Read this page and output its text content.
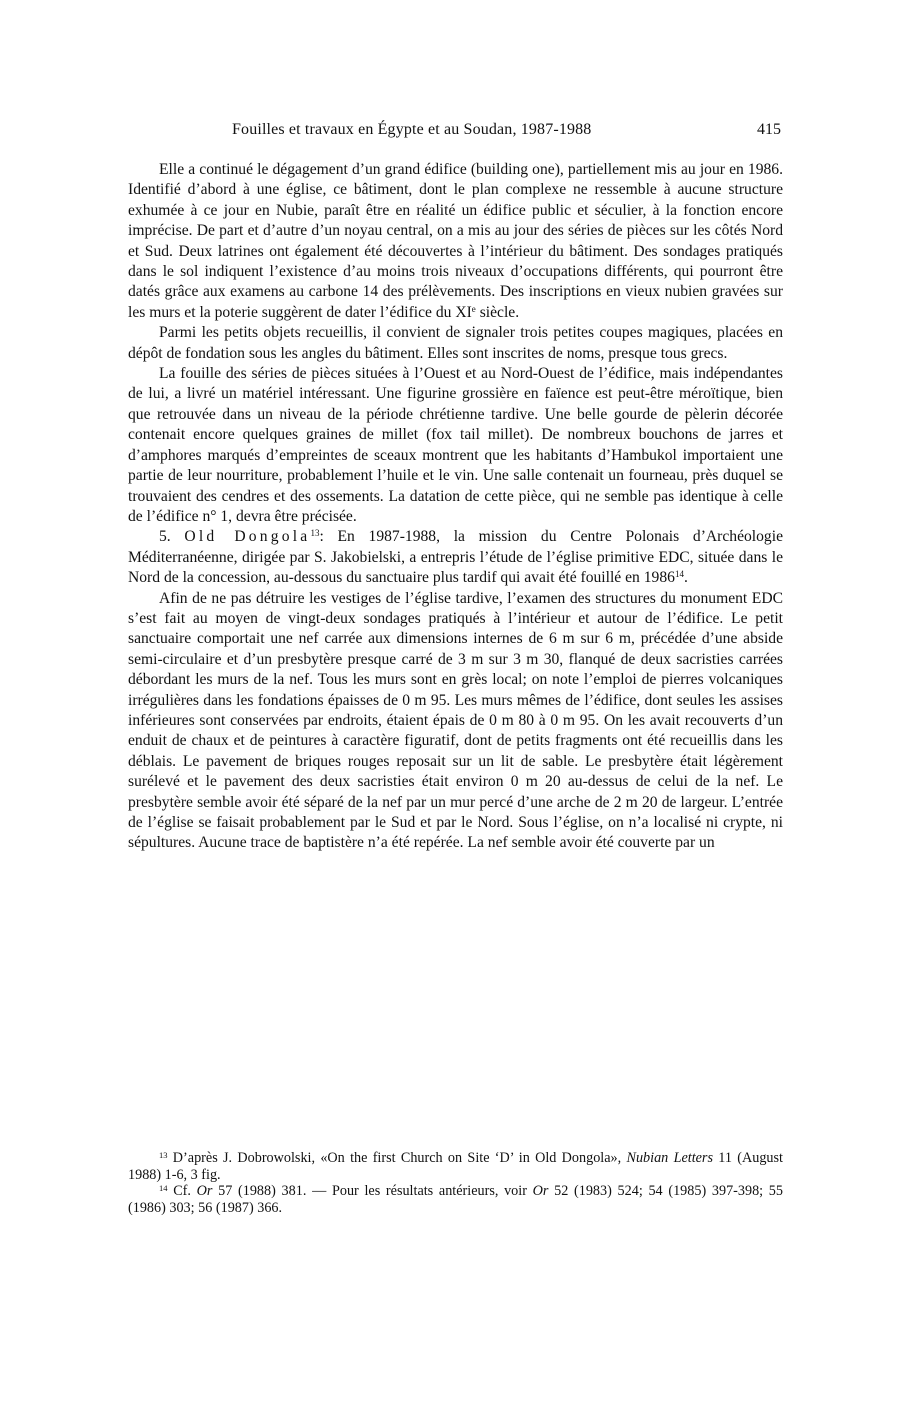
Fouilles et travaux en Égypte et au Soudan, 1987-1988	415

Elle a continué le dégagement d’un grand édifice (building one), partiellement mis au jour en 1986. Identifié d’abord à une église, ce bâtiment, dont le plan complexe ne ressemble à aucune structure exhumée à ce jour en Nubie, paraît être en réalité un édifice public et séculier, à la fonction encore imprécise. De part et d’autre d’un noyau central, on a mis au jour des séries de pièces sur les côtés Nord et Sud. Deux latrines ont également été découvertes à l’intérieur du bâtiment. Des sondages pratiqués dans le sol indiquent l’existence d’au moins trois niveaux d’occupations différents, qui pourront être datés grâce aux examens au carbone 14 des prélèvements. Des inscriptions en vieux nubien gravées sur les murs et la poterie suggèrent de dater l’édifice du XIe siècle.

Parmi les petits objets recueillis, il convient de signaler trois petites coupes magiques, placées en dépôt de fondation sous les angles du bâtiment. Elles sont inscrites de noms, presque tous grecs.

La fouille des séries de pièces situées à l’Ouest et au Nord-Ouest de l’édifice, mais indépendantes de lui, a livré un matériel intéressant. Une figurine grossière en faïence est peut-être méroïtique, bien que retrouvée dans un niveau de la période chrétienne tardive. Une belle gourde de pèlerin décorée contenait encore quelques graines de millet (fox tail millet). De nombreux bouchons de jarres et d’amphores marqués d’empreintes de sceaux montrent que les habitants d’Hambukol importaient une partie de leur nourriture, probablement l’huile et le vin. Une salle contenait un fourneau, près duquel se trouvaient des cendres et des ossements. La datation de cette pièce, qui ne semble pas identique à celle de l’édifice n° 1, devra être précisée.

5. Old Dongola$^{13}$: En 1987-1988, la mission du Centre Polonais d’Archéologie Méditerranéenne, dirigée par S. Jakobielski, a entrepris l’étude de l’église primitive EDC, située dans le Nord de la concession, au-dessous du sanctuaire plus tardif qui avait été fouillé en 1986$^{14}$.

Afin de ne pas détruire les vestiges de l’église tardive, l’examen des structures du monument EDC s’est fait au moyen de vingt-deux sondages pratiqués à l’intérieur et autour de l’édifice. Le petit sanctuaire comportait une nef carrée aux dimensions internes de 6 m sur 6 m, précédée d’une abside semi-circulaire et d’un presbytère presque carré de 3 m sur 3 m 30, flanqué de deux sacristies carrées débordant les murs de la nef. Tous les murs sont en grès local; on note l’emploi de pierres volcaniques irrégulières dans les fondations épaisses de 0 m 95. Les murs mêmes de l’édifice, dont seules les assises inférieures sont conservées par endroits, étaient épais de 0 m 80 à 0 m 95. On les avait recouverts d’un enduit de chaux et de peintures à caractère figuratif, dont de petits fragments ont été recueillis dans les déblais. Le pavement de briques rouges reposait sur un lit de sable. Le presbytère était légèrement surélevé et le pavement des deux sacristies était environ 0 m 20 au-dessus de celui de la nef. Le presbytère semble avoir été séparé de la nef par un mur percé d’une arche de 2 m 20 de largeur. L’entrée de l’église se faisait probablement par le Sud et par le Nord. Sous l’église, on n’a localisé ni crypte, ni sépultures. Aucune trace de baptistère n’a été repérée. La nef semble avoir été couverte par un

$^{13}$ D’après J. Dobrowolski, «On the first Church on Site ‘D’ in Old Dongola», Nubian Letters 11 (August 1988) 1-6, 3 fig.

$^{14}$ Cf. Or 57 (1988) 381. — Pour les résultats antérieurs, voir Or 52 (1983) 524; 54 (1985) 397-398; 55 (1986) 303; 56 (1987) 366.
